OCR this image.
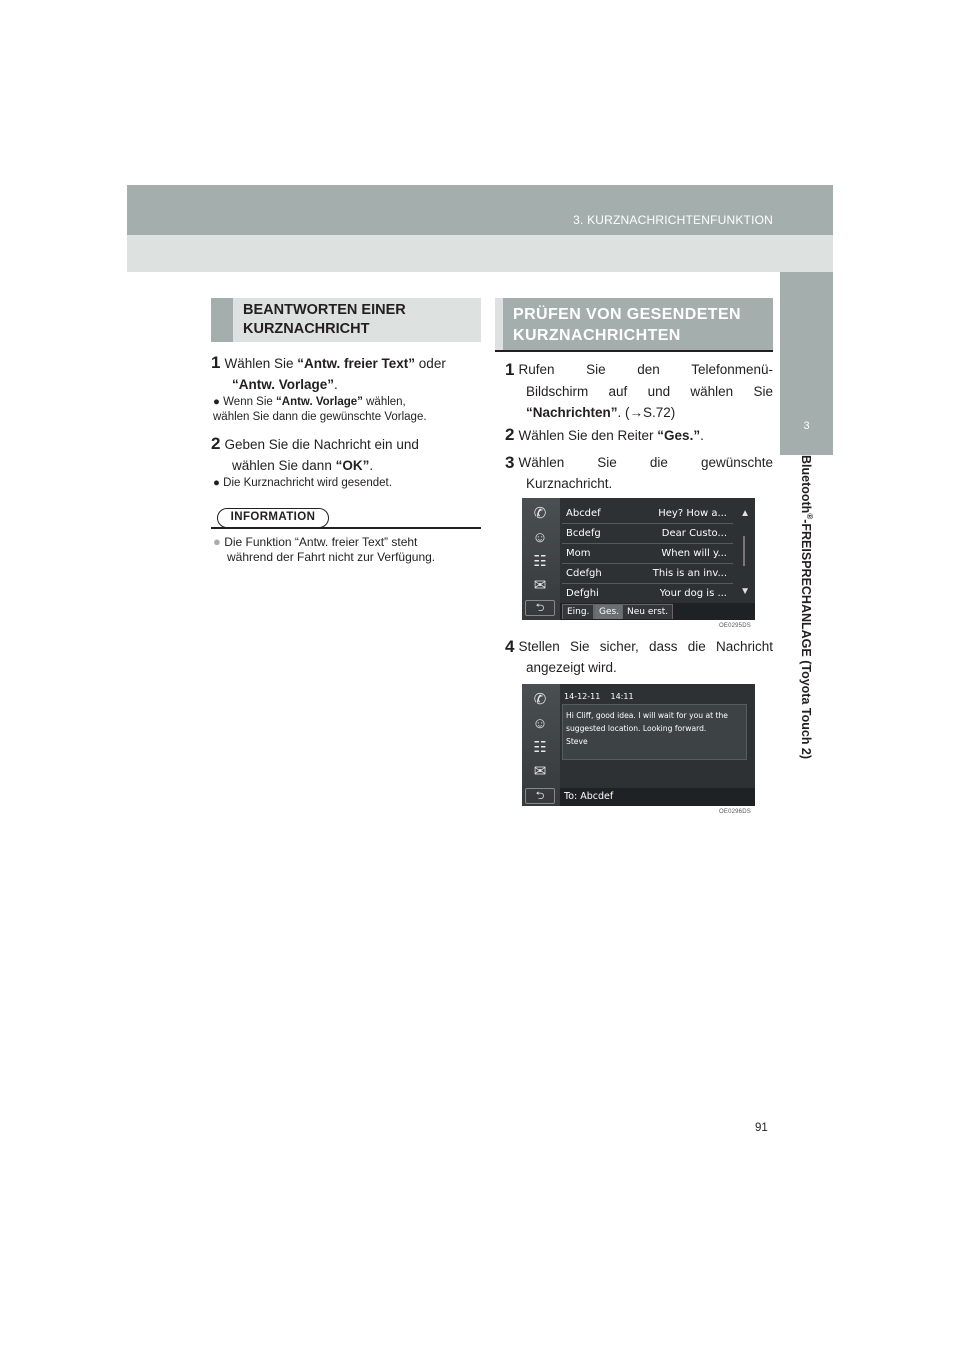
3. KURZNACHRICHTENFUNKTION
3
Bluetooth®-FREISPRECHANLAGE (Toyota Touch 2)
BEANTWORTEN EINER
KURZNACHRICHT
1 Wählen Sie “Antw. freier Text” oder
“Antw. Vorlage”.
● Wenn Sie “Antw. Vorlage” wählen,
wählen Sie dann die gewünschte Vorlage.
2 Geben Sie die Nachricht ein und
wählen Sie dann “OK”.
● Die Kurznachricht wird gesendet.
INFORMATION
● Die Funktion “Antw. freier Text” steht
während der Fahrt nicht zur Verfügung.
PRÜFEN VON GESENDETEN
KURZNACHRICHTEN
1 Rufen Sie den Telefonmenü-
Bildschirm auf und wählen Sie
“Nachrichten”. (→S.72)
2 Wählen Sie den Reiter “Ges.”.
3 Wählen Sie die gewünschte
Kurznachricht.
✆
☺
☷
✉
⮌
Abcdef	Hey? How a...
Bcdefg	Dear Custo...
Mom	When will y...
Cdefgh	This is an inv...
Defghi	Your dog is ...
▲
▼
Eing.	Ges. Neu erst.
OE0295DS
4 Stellen Sie sicher, dass die Nachricht
angezeigt wird.
✆
☺
☷
✉
⮌
14-12-11 14:11
Hi Cliff, good idea. I will wait for you at the
suggested location. Looking forward.
Steve
To: Abcdef
OE0296DS
91
